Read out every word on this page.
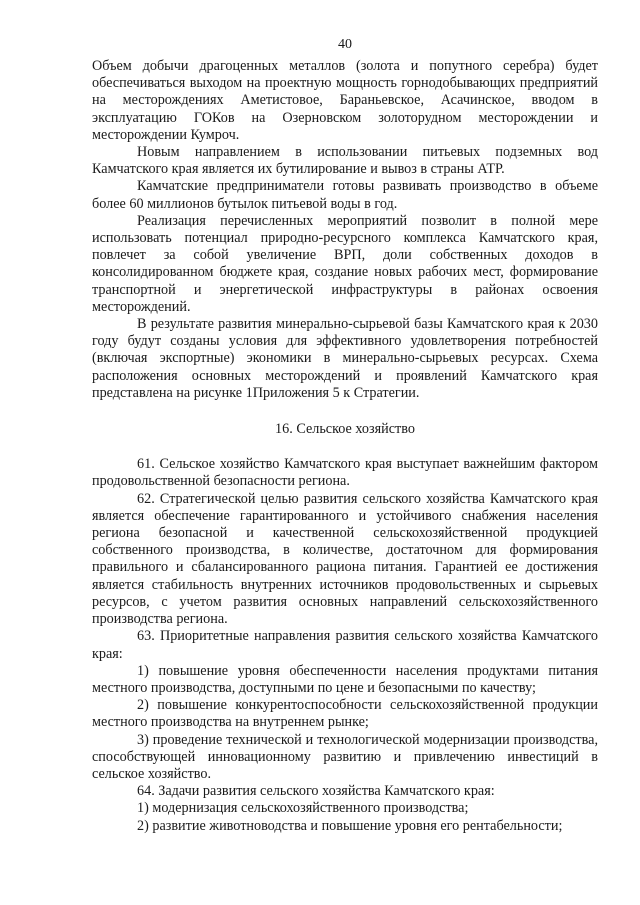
40

Объем добычи драгоценных металлов (золота и попутного серебра) будет обеспечиваться выходом на проектную мощность горнодобывающих предприятий на месторождениях Аметистовое, Бараньевское, Асачинское, вводом в эксплуатацию ГОКов на Озерновском золоторудном месторождении и месторождении Кумроч.

Новым направлением в использовании питьевых подземных вод Камчатского края является их бутилирование и вывоз в страны АТР.

Камчатские предприниматели готовы развивать производство в объеме более 60 миллионов бутылок питьевой воды в год.

Реализация перечисленных мероприятий позволит в полной мере использовать потенциал природно-ресурсного комплекса Камчатского края, повлечет за собой увеличение ВРП, доли собственных доходов в консолидированном бюджете края, создание новых рабочих мест, формирование транспортной и энергетической инфраструктуры в районах освоения месторождений.

В результате развития минерально-сырьевой базы Камчатского края к 2030 году будут созданы условия для эффективного удовлетворения потребностей (включая экспортные) экономики в минерально-сырьевых ресурсах. Схема расположения основных месторождений и проявлений Камчатского края представлена на рисунке 1Приложения 5 к Стратегии.

16. Сельское хозяйство

61. Сельское хозяйство Камчатского края выступает важнейшим фактором продовольственной безопасности региона.

62. Стратегической целью развития сельского хозяйства Камчатского края является обеспечение гарантированного и устойчивого снабжения населения региона безопасной и качественной сельскохозяйственной продукцией собственного производства, в количестве, достаточном для формирования правильного и сбалансированного рациона питания. Гарантией ее достижения является стабильность внутренних источников продовольственных и сырьевых ресурсов, с учетом развития основных направлений сельскохозяйственного производства региона.

63. Приоритетные направления развития сельского хозяйства Камчатского края:

1) повышение уровня обеспеченности населения продуктами питания местного производства, доступными по цене и безопасными по качеству;

2) повышение конкурентоспособности сельскохозяйственной продукции местного производства на внутреннем рынке;

3) проведение технической и технологической модернизации производства, способствующей инновационному развитию и привлечению инвестиций в сельское хозяйство.

64. Задачи развития сельского хозяйства Камчатского края:

1) модернизация сельскохозяйственного производства;

2) развитие животноводства и повышение уровня его рентабельности;
